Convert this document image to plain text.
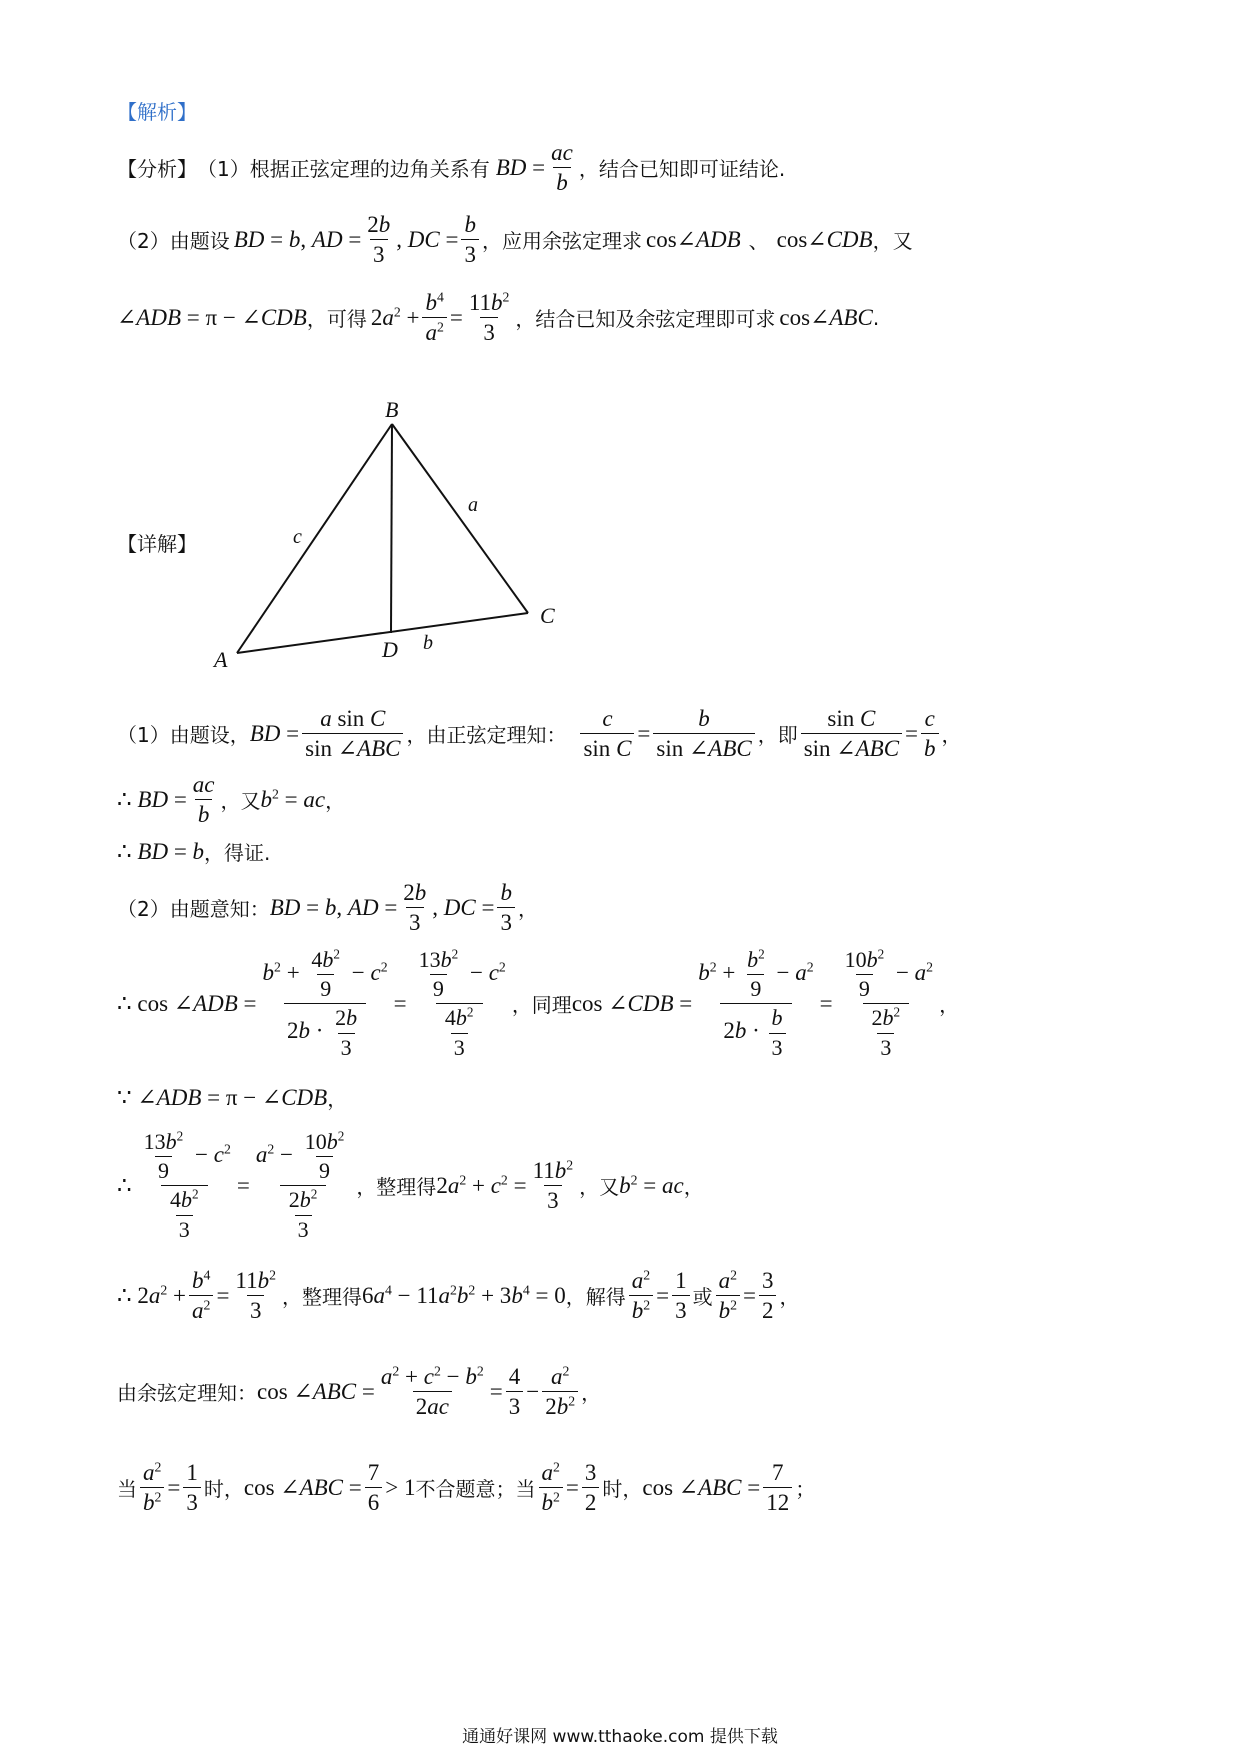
【解析】
【分析】 （1）根据正弦定理的边角关系有 BD = $\frac{ac}{b}$ ，结合已知即可证结论.
（2）由题设 BD = b, AD = $\frac{2b}{3}$ , DC = $\frac{b}{3}$ ，应用余弦定理求 cos∠ADB 、 cos∠CDB ，又
∠ADB = π − ∠CDB ，可得 $2a^2 + \frac{b^4}{a^2} = \frac{11b^2}{3}$ ，结合已知及余弦定理即可求 cos∠ABC .
【详解】
B
C
A	D
a
b
c
（1）由题设， BD = $\frac{\text{a sin C}}{\text{sin ∠ABC}}$ ，由正弦定理知： $\frac{c}{\text{sin C}} = \frac{b}{\text{sin ∠ABC}}$ ，即 $\frac{\text{sin C}}{\text{sin ∠ABC}} = \frac{c}{b}$ ，
∴ BD = $\frac{ac}{b}$ ，又 $b^2$ = ac ，
∴ BD = b ，得证.
（2）由题意知： BD = b, AD = $\frac{2b}{3}$ , DC = $\frac{b}{3}$ ，
∴ cos ∠ADB = $\frac{b^2 + \frac{4b^2}{9} - c^2}{2b \cdot \frac{2b}{3}} = \frac{\frac{13b^2}{9} - c^2}{\frac{4b^2}{3}}$ ，同理 cos ∠CDB = $\frac{b^2 + \frac{b^2}{9} - a^2}{2b \cdot \frac{b}{3}} = \frac{\frac{10b^2}{9} - a^2}{\frac{2b^2}{3}}$ ，
∵ ∠ADB = π − ∠CDB ，
∴ $\frac{\frac{13b^2}{9} - c^2}{\frac{4b^2}{3}} = \frac{a^2 - \frac{10b^2}{9}}{\frac{2b^2}{3}}$ ，整理得 $2a^2 + c^2 = \frac{11b^2}{3}$ ，又 $b^2$ = ac ，
∴ $2a^2 + \frac{b^4}{a^2} = \frac{11b^2}{3}$ ，整理得 $6a^4 - 11a^2b^2 + 3b^4 = 0$ ，解得 $\frac{a^2}{b^2} = \frac{1}{3}$ 或 $\frac{a^2}{b^2} = \frac{3}{2}$ ，
由余弦定理知： cos ∠ABC = $\frac{a^2 + c^2 - b^2}{2ac} = \frac{4}{3} - \frac{a^2}{2b^2}$ ，
当 $\frac{a^2}{b^2} = \frac{1}{3}$ 时， cos ∠ABC = $\frac{7}{6} > 1$ 不合题意；当 $\frac{a^2}{b^2} = \frac{3}{2}$ 时， cos ∠ABC = $\frac{7}{12}$ ；
通通好课网 www.tthaoke.com 提供下载
